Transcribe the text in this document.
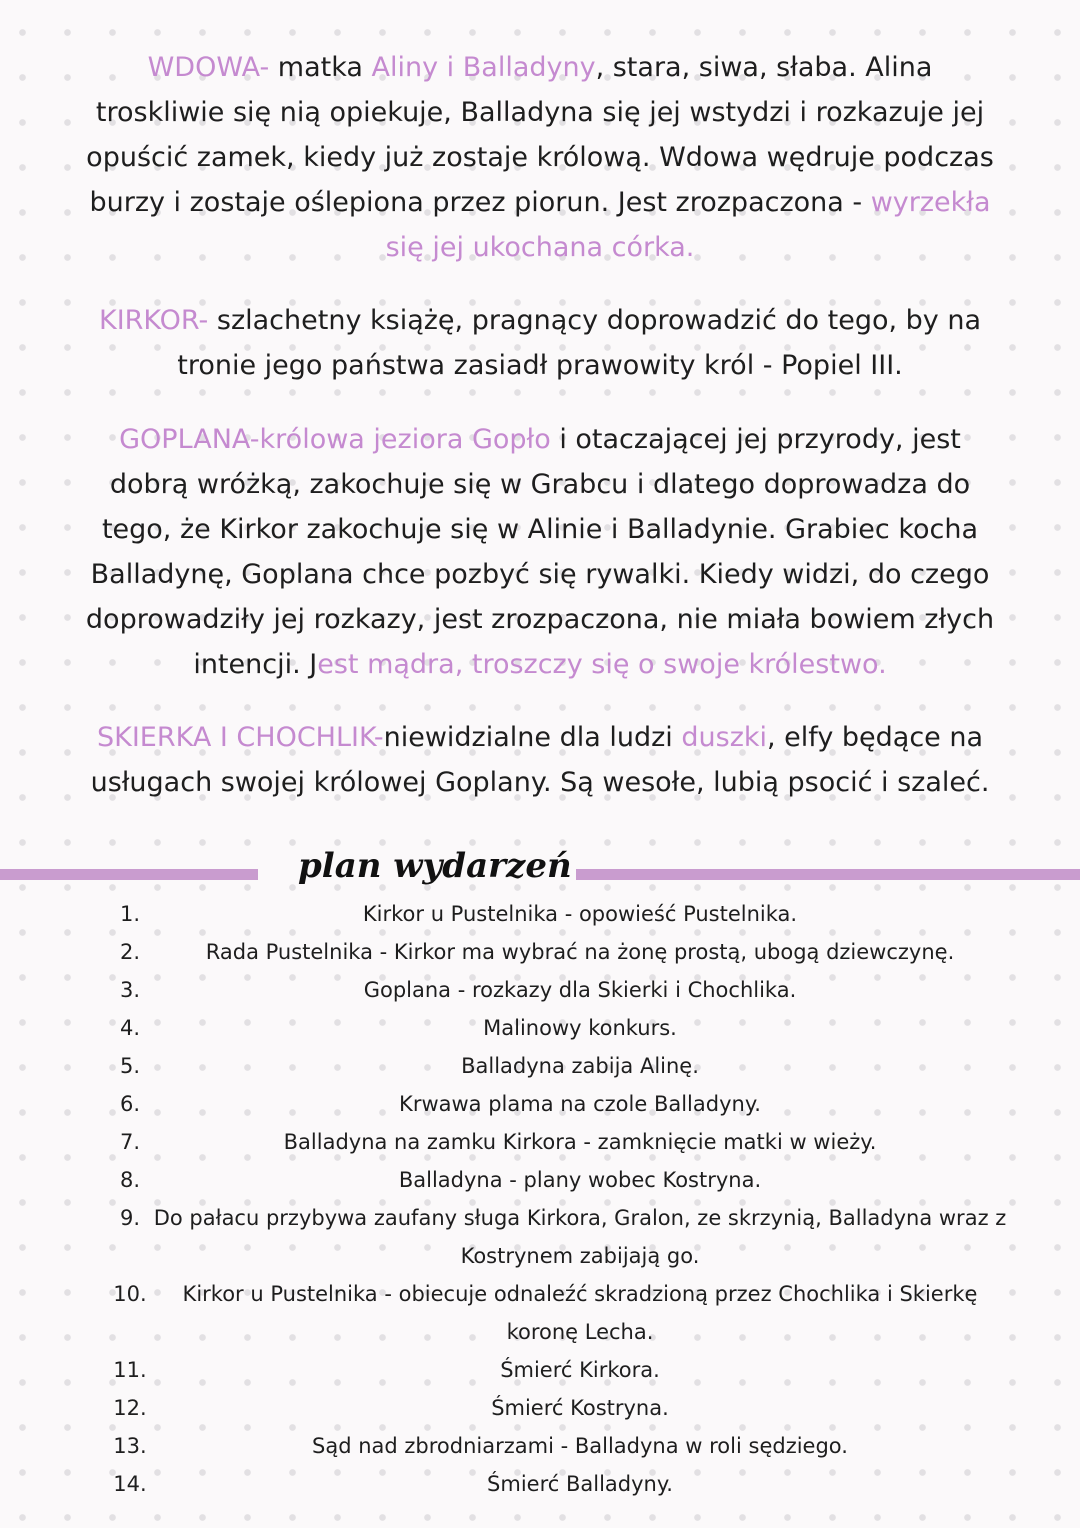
WDOWA- matka Aliny i Balladyny, stara, siwa, słaba. Alina troskliwie się nią opiekuje, Balladyna się jej wstydzi i rozkazuje jej opuścić zamek, kiedy już zostaje królową. Wdowa wędruje podczas burzy i zostaje oślepiona przez piorun. Jest zrozpaczona - wyrzekła się jej ukochana córka.
KIRKOR- szlachetny książę, pragnący doprowadzić do tego, by na tronie jego państwa zasiadł prawowity król - Popiel III.
GOPLANA-królowa jeziora Gopło i otaczającej jej przyrody, jest dobrą wróżką, zakochuje się w Grabcu i dlatego doprowadza do tego, że Kirkor zakochuje się w Alinie i Balladynie. Grabiec kocha Balladynę, Goplana chce pozbyć się rywalki. Kiedy widzi, do czego doprowadziły jej rozkazy, jest zrozpaczona, nie miała bowiem złych intencji. Jest mądra, troszczy się o swoje królestwo.
SKIERKA I CHOCHLIK-niewidzialne dla ludzi duszki, elfy będące na usługach swojej królowej Goplany. Są wesołe, lubią psocić i szaleć.
plan wydarzeń
1.	Kirkor u Pustelnika - opowieść Pustelnika.
2.	Rada Pustelnika - Kirkor ma wybrać na żonę prostą, ubogą dziewczynę.
3.	Goplana - rozkazy dla Skierki i Chochlika.
4.	Malinowy konkurs.
5.	Balladyna zabija Alinę.
6.	Krwawa plama na czole Balladyny.
7.	Balladyna na zamku Kirkora - zamknięcie matki w wieży.
8.	Balladyna - plany wobec Kostryna.
9. Do pałacu przybywa zaufany sługa Kirkora, Gralon, ze skrzynią, Balladyna wraz z Kostrynem zabijają go.
10.	Kirkor u Pustelnika - obiecuje odnaleźć skradzioną przez Chochlika i Skierkę koronę Lecha.
11.	Śmierć Kirkora.
12.	Śmierć Kostryna.
13.	Sąd nad zbrodniarzami - Balladyna w roli sędziego.
14.	Śmierć Balladyny.
